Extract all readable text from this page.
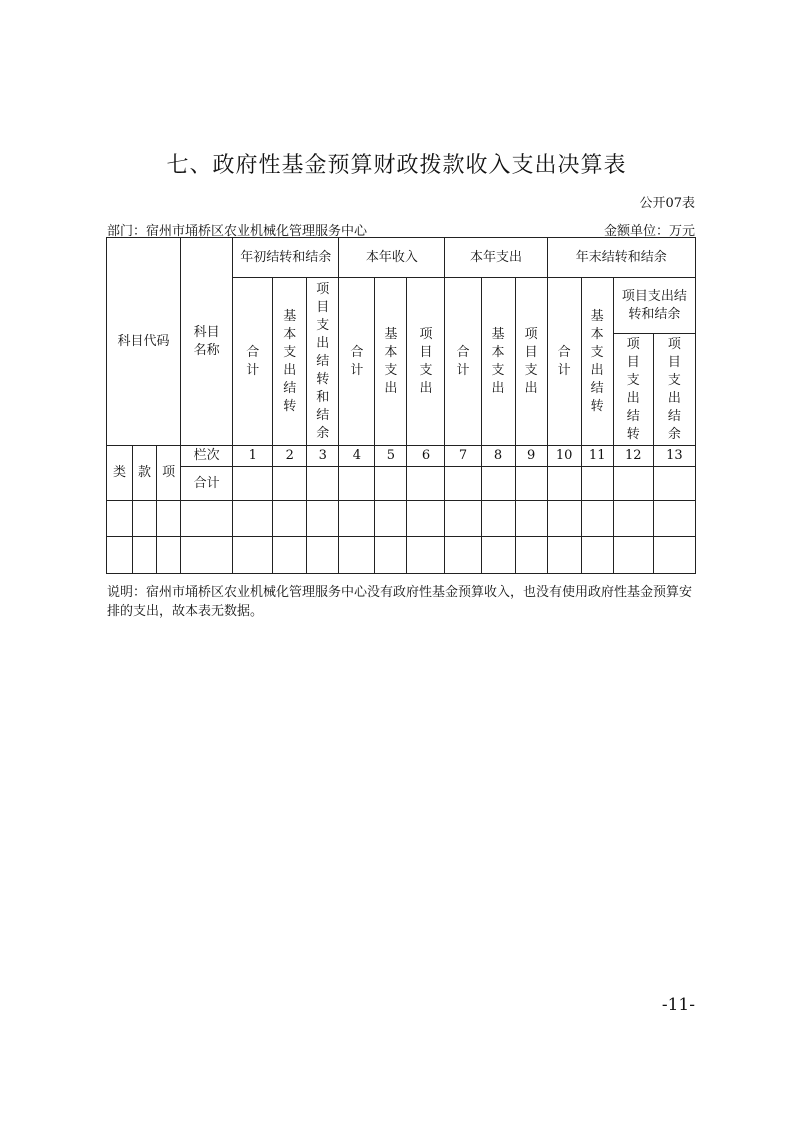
七、政府性基金预算财政拨款收入支出决算表
公开07表
部门：宿州市埇桥区农业机械化管理服务中心	金额单位：万元
科目代码			科目名称	年初结转和结余			本年收入			本年支出			年末结转和结余			
				合计	基本支出结转	项目支出结转和结余	合计	基本支出	项目支出	合计	基本支出	项目支出	合计	基本支出结转	项目支出结转和结余	
															项目支出结转	项目支出结余

类	款	项	栏次	1	2	3	4	5	6	7	8	9	10	11	12	13
			合计													

说明：宿州市埇桥区农业机械化管理服务中心没有政府性基金预算收入，也没有使用政府性基金预算安排的支出，故本表无数据。
-11-
